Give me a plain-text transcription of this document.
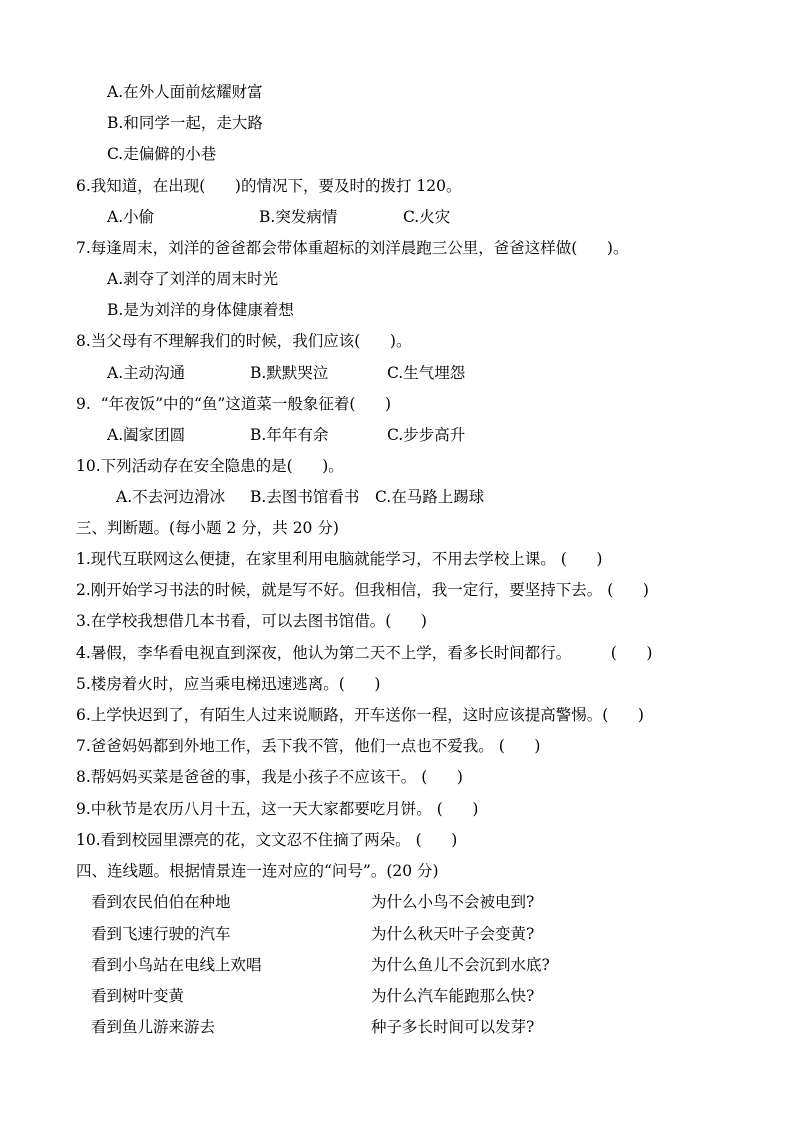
A.在外人面前炫耀财富
B.和同学一起，走大路
C.走偏僻的小巷
6.我知道，在出现(      )的情况下，要及时的拨打 120。
A.小偷	B.突发病情	C.火灾
7.每逢周末，刘洋的爸爸都会带体重超标的刘洋晨跑三公里，爸爸这样做(      )。
A.剥夺了刘洋的周末时光
B.是为刘洋的身体健康着想
8.当父母有不理解我们的时候，我们应该(      )。
A.主动沟通	B.默默哭泣	C.生气埋怨
9.  “年夜饭”中的“鱼”这道菜一般象征着(      )
A.阖家团圆	B.年年有余	C.步步高升
10.下列活动存在安全隐患的是(      )。
A.不去河边滑冰 B.去图书馆看书 C.在马路上踢球
三、判断题。(每小题 2 分，共 20 分)
1.现代互联网这么便捷，在家里利用电脑就能学习，不用去学校上课。 (      )
2.刚开始学习书法的时候，就是写不好。但我相信，我一定行，要坚持下去。 (      )
3.在学校我想借几本书看，可以去图书馆借。(      )
4.暑假，李华看电视直到深夜，他认为第二天不上学，看多长时间都行。        (      )
5.楼房着火时，应当乘电梯迅速逃离。(      )
6.上学快迟到了，有陌生人过来说顺路，开车送你一程，这时应该提高警惕。(      )
7.爸爸妈妈都到外地工作，丢下我不管，他们一点也不爱我。 (      )
8.帮妈妈买菜是爸爸的事，我是小孩子不应该干。 (      )
9.中秋节是农历八月十五，这一天大家都要吃月饼。 (      )
10.看到校园里漂亮的花，文文忍不住摘了两朵。 (      )
四、连线题。根据情景连一连对应的“问号”。(20 分)
看到农民伯伯在种地	为什么小鸟不会被电到?
看到飞速行驶的汽车	为什么秋天叶子会变黄?
看到小鸟站在电线上欢唱	为什么鱼儿不会沉到水底?
看到树叶变黄	为什么汽车能跑那么快?
看到鱼儿游来游去	种子多长时间可以发芽?
